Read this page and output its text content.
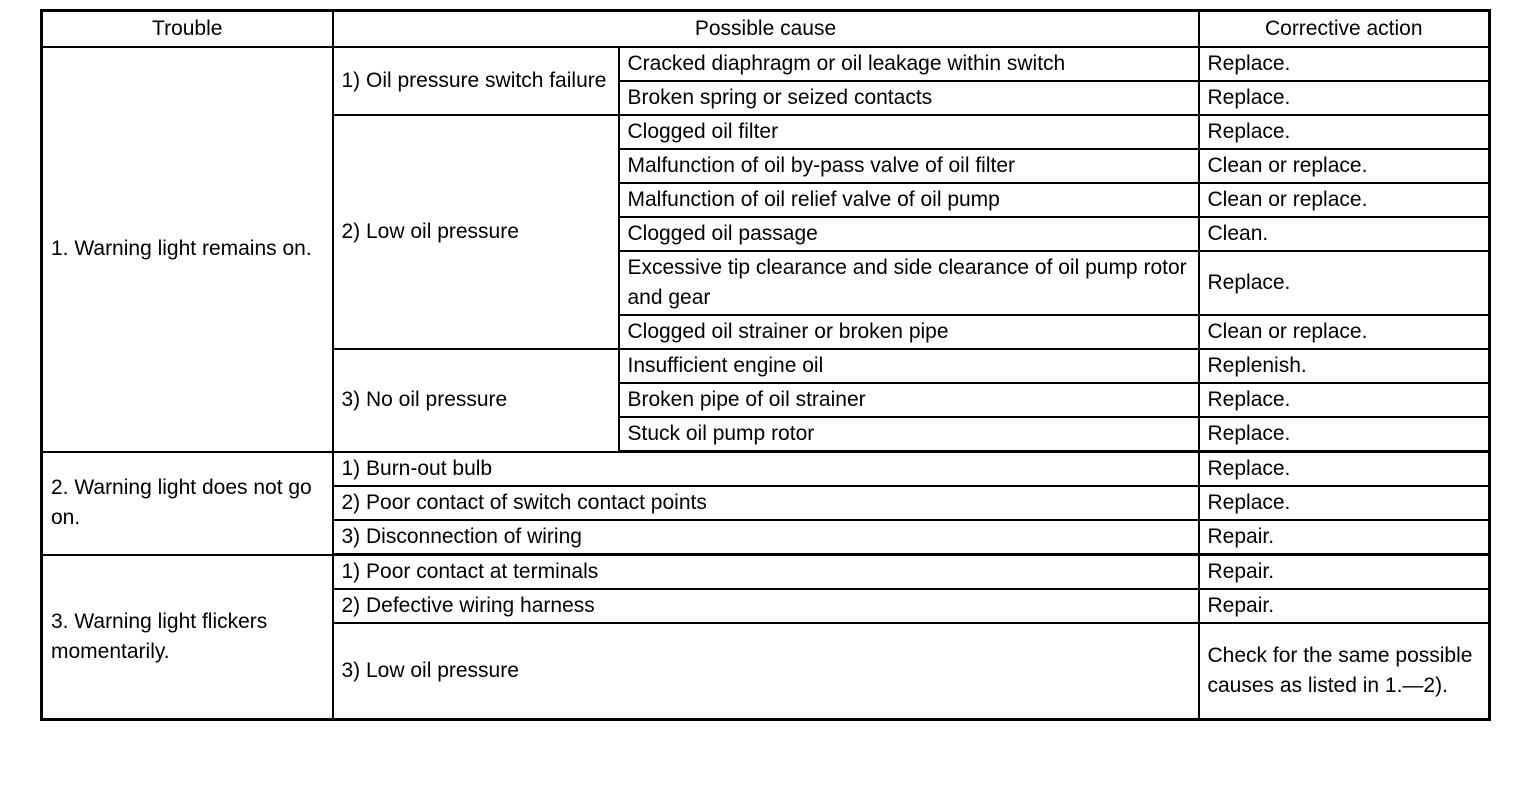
Trouble	Possible cause		Corrective action
1. Warning light remains on.	1) Oil pressure switch failure	Cracked diaphragm or oil leakage within switch	Replace.
		Broken spring or seized contacts	Replace.
	2) Low oil pressure	Clogged oil filter	Replace.
		Malfunction of oil by-pass valve of oil filter	Clean or replace.
		Malfunction of oil relief valve of oil pump	Clean or replace.
		Clogged oil passage	Clean.
		Excessive tip clearance and side clearance of oil pump rotor and gear	Replace.
		Clogged oil strainer or broken pipe	Clean or replace.
	3) No oil pressure	Insufficient engine oil	Replenish.
		Broken pipe of oil strainer	Replace.
		Stuck oil pump rotor	Replace.
2. Warning light does not go on.	1) Burn-out bulb		Replace.
	2) Poor contact of switch contact points		Replace.
	3) Disconnection of wiring		Repair.
3. Warning light flickers momentarily.	1) Poor contact at terminals		Repair.
	2) Defective wiring harness		Repair.
	3) Low oil pressure		Check for the same possible causes as listed in 1.—2).
